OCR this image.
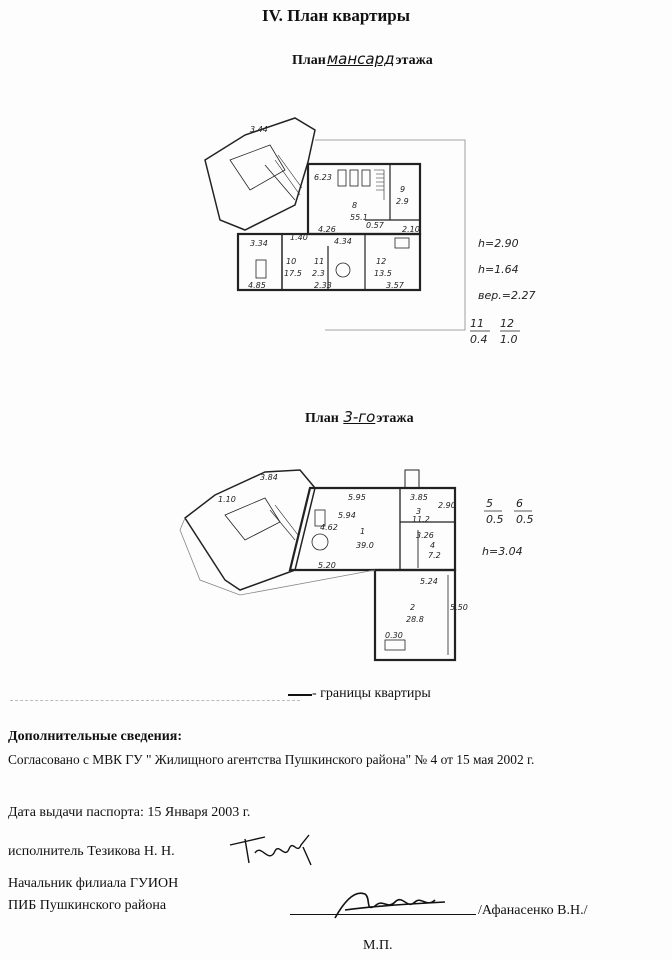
IV. План квартиры
Планмансардэтажа
3.44
6.23
4.26
8
55.1
9
2.9
3.34	4.34
0.57
10
17.5
11
2.3
12
13.5
4.85	2.33	3.57
2.10
1.40	h=2.90
h=1.64
вер.=2.27
11
0.4
12
1.0
План 3-гоэтажа
1.10
3.84
5.95	3.85
3
11.2
1
39.0
5.94
3.26
4
7.2
2.90
5.20
5.24
2
28.8
5.50
0.30
4.62
5
0.5
6
0.5
h=3.04
- границы квартиры
Дополнительные сведения:
Согласовано с МВК ГУ " Жилищного агентства Пушкинского района" № 4 от 15 мая 2002 г.
Дата выдачи паспорта: 15 Января 2003 г.
исполнитель Тезикова Н. Н.
Начальник филиала ГУИОН
ПИБ Пушкинского района	/Афанасенко В.Н./
М.П.
